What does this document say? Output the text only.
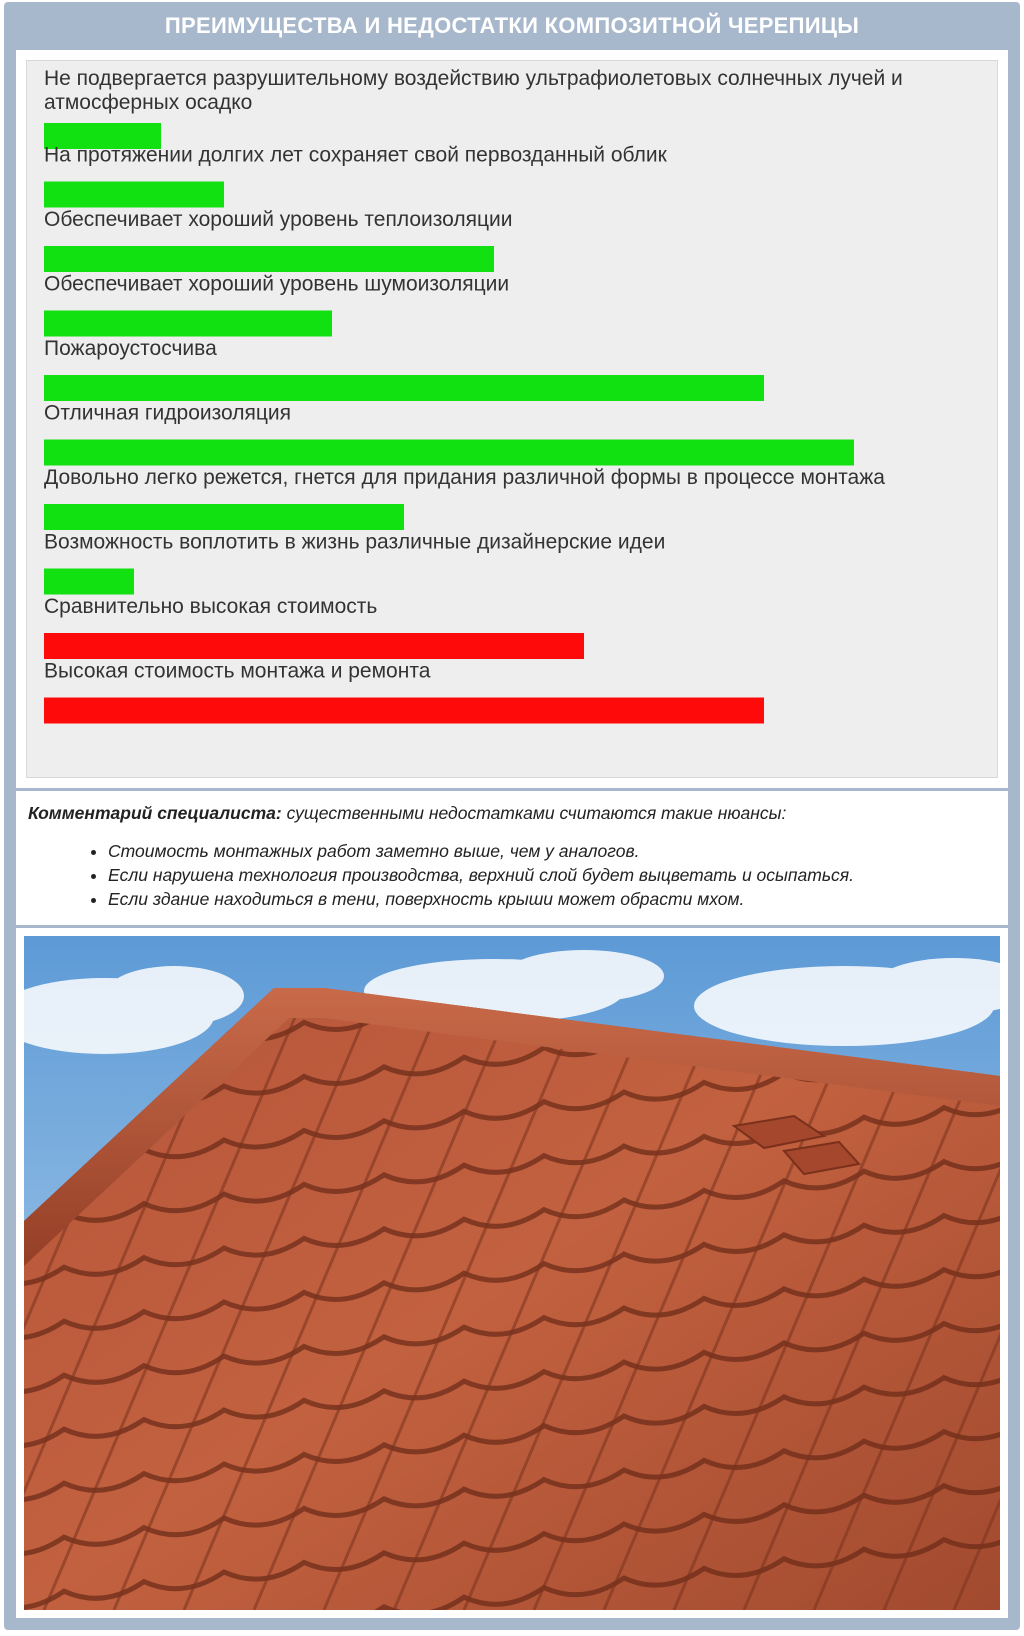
ПРЕИМУЩЕСТВА И НЕДОСТАТКИ КОМПОЗИТНОЙ ЧЕРЕПИЦЫ
Не подвергается разрушительному воздействию ультрафиолетовых солнечных лучей и атмосферных осадко
На протяжении долгих лет сохраняет свой первозданный облик
Обеспечивает хороший уровень теплоизоляции
Обеспечивает хороший уровень шумоизоляции
Пожароустосчива
Отличная гидроизоляция
Довольно легко режется, гнется для придания различной формы в процессе монтажа
Возможность воплотить в жизнь различные дизайнерские идеи
Сравнительно высокая стоимость
Высокая стоимость монтажа и ремонта

Комментарий специалиста: существенными недостатками считаются такие нюансы:

• Стоимость монтажных работ заметно выше, чем у аналогов.
• Если нарушена технология производства, верхний слой будет выцветать и осыпаться.
• Если здание находиться в тени, поверхность крыши может обрасти мхом.
